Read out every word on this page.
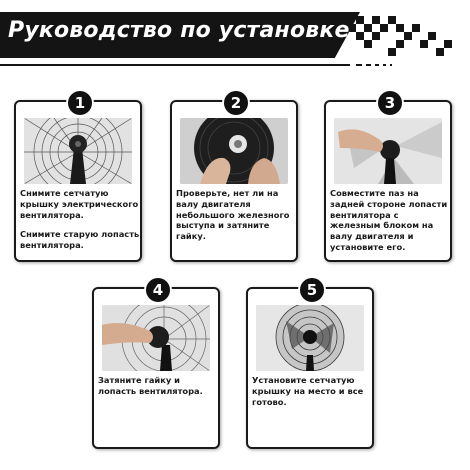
Руководство по установке
1
Снимите сетчатую крышку электрического вентилятора.
Снимите старую лопасть вентилятора.
2
Проверьте, нет ли на валу двигателя небольшого железного выступа и затяните гайку.
3
Совместите паз на задней стороне лопасти вентилятора с железным блоком на валу двигателя и установите его.
4
Затяните гайку и лопасть вентилятора.
5
Установите сетчатую крышку на место и все готово.
